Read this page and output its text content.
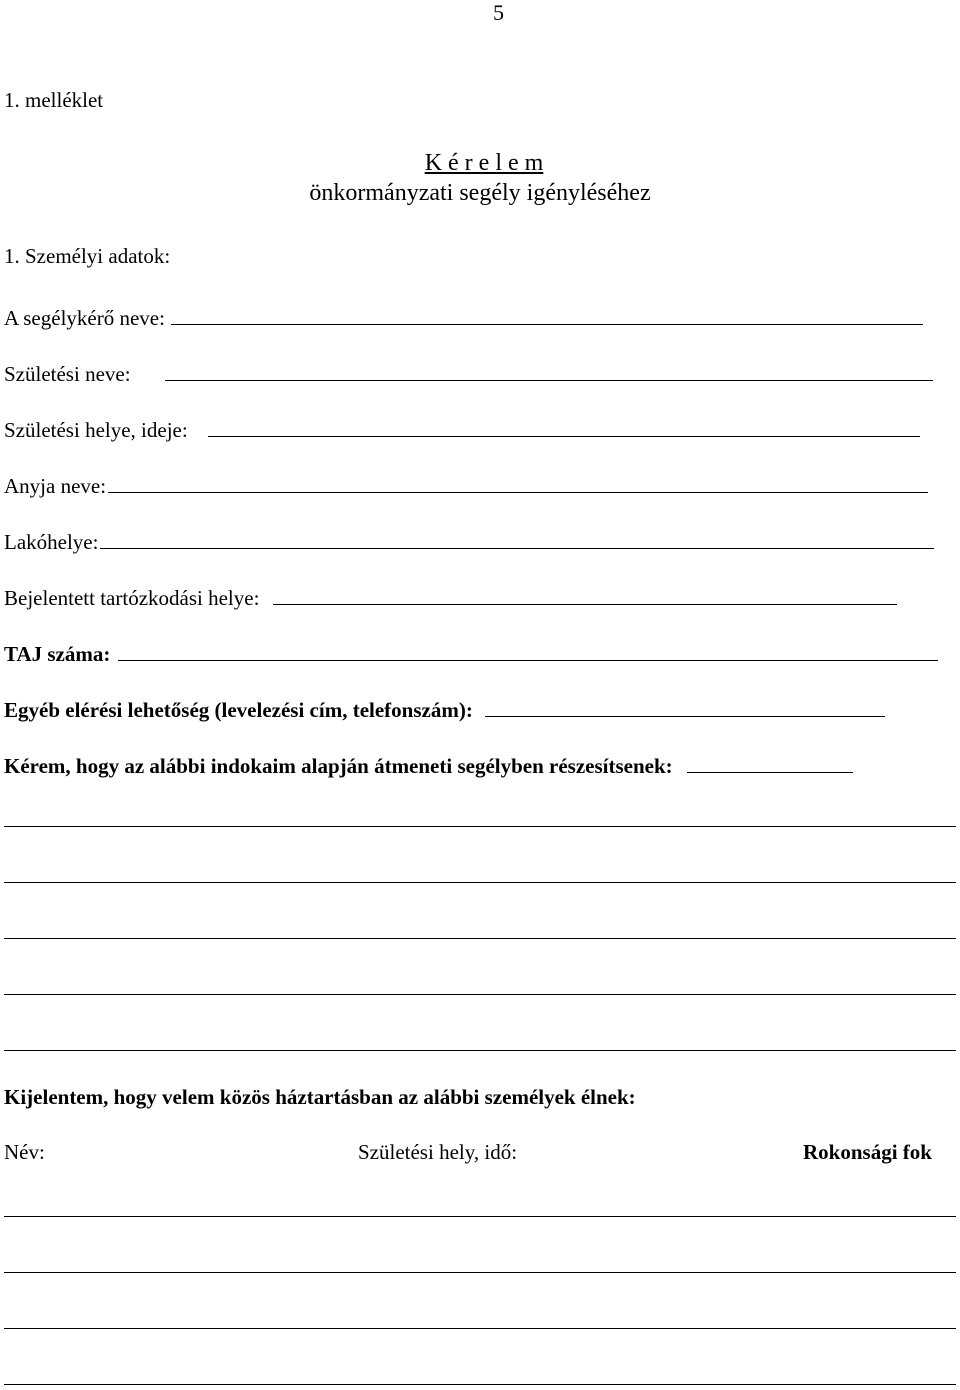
5
1. melléklet
K é r e l e m
önkormányzati segély igényléséhez
1. Személyi adatok:
A segélykérő neve:
Születési neve:
Születési helye, ideje:
Anyja neve:
Lakóhelye:
Bejelentett tartózkodási helye:
TAJ száma:
Egyéb elérési lehetőség (levelezési cím, telefonszám):
Kérem, hogy az alábbi indokaim alapján átmeneti segélyben részesítsenek:
Kijelentem, hogy velem közös háztartásban az alábbi személyek élnek:
Név:	Születési hely, idő:	Rokonsági fok
